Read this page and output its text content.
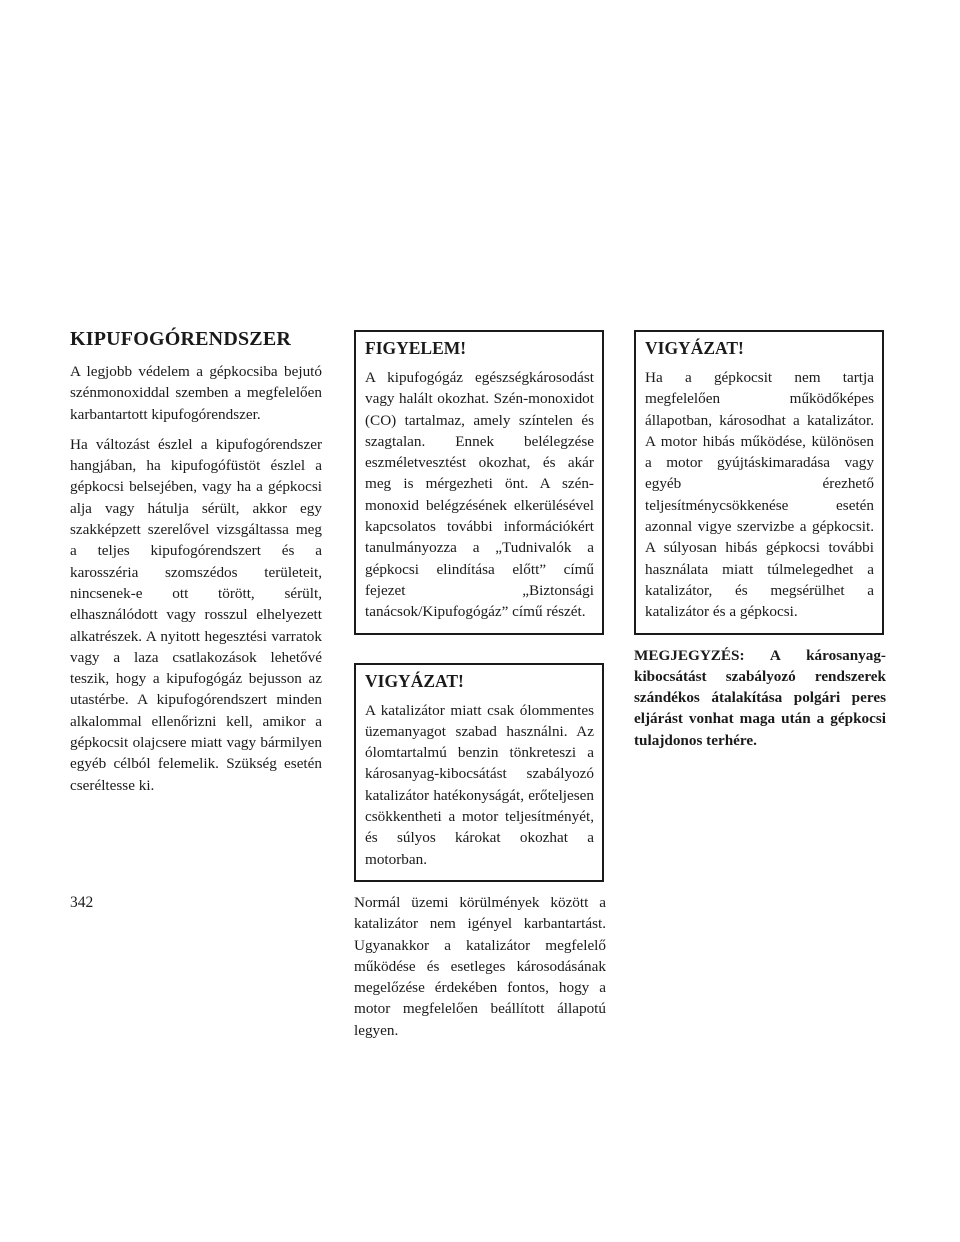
KIPUFOGÓRENDSZER

A legjobb védelem a gépkocsiba bejutó szénmonoxiddal szemben a megfelelően karbantartott kipufogórendszer.

Ha változást észlel a kipufogórendszer hangjában, ha kipufogófüstöt észlel a gépkocsi belsejében, vagy ha a gépkocsi alja vagy hátulja sérült, akkor egy szakképzett szerelővel vizsgáltassa meg a teljes kipufogórendszert és a karosszéria szomszédos területeit, nincsenek-e ott törött, sérült, elhasználódott vagy rosszul elhelyezett alkatrészek. A nyitott hegesztési varratok vagy a laza csatlakozások lehetővé teszik, hogy a kipufogógáz bejusson az utastérbe. A kipufogórendszert minden alkalommal ellenőrizni kell, amikor a gépkocsit olajcsere miatt vagy bármilyen egyéb célból felemelik. Szükség esetén cseréltesse ki.

FIGYELEM!

A kipufogógáz egészségkárosodást vagy halált okozhat. Szén-monoxidot (CO) tartalmaz, amely színtelen és szagtalan. Ennek belélegzése eszméletvesztést okozhat, és akár meg is mérgezheti önt. A szén-monoxid belégzésének elkerülésével kapcsolatos további információkért tanulmányozza a „Tudnivalók a gépkocsi elindítása előtt” című fejezet „Biztonsági tanácsok/Kipufogógáz” című részét.

VIGYÁZAT!

A katalizátor miatt csak ólommentes üzemanyagot szabad használni. Az ólomtartalmú benzin tönkreteszi a károsanyag-kibocsátást szabályozó katalizátor hatékonyságát, erőteljesen csökkentheti a motor teljesítményét, és súlyos károkat okozhat a motorban.

Normál üzemi körülmények között a katalizátor nem igényel karbantartást. Ugyanakkor a katalizátor megfelelő működése és esetleges károsodásának megelőzése érdekében fontos, hogy a motor megfelelően beállított állapotú legyen.

VIGYÁZAT!

Ha a gépkocsit nem tartja megfelelően működőképes állapotban, károsodhat a katalizátor. A motor hibás működése, különösen a motor gyújtáskimaradása vagy egyéb érezhető teljesítménycsökkenése esetén azonnal vigye szervizbe a gépkocsit. A súlyosan hibás gépkocsi további használata miatt túlmelegedhet a katalizátor, és megsérülhet a katalizátor és a gépkocsi.

MEGJEGYZÉS: A károsanyag-kibocsátást szabályozó rendszerek szándékos átalakítása polgári peres eljárást vonhat maga után a gépkocsi tulajdonos terhére.

342
